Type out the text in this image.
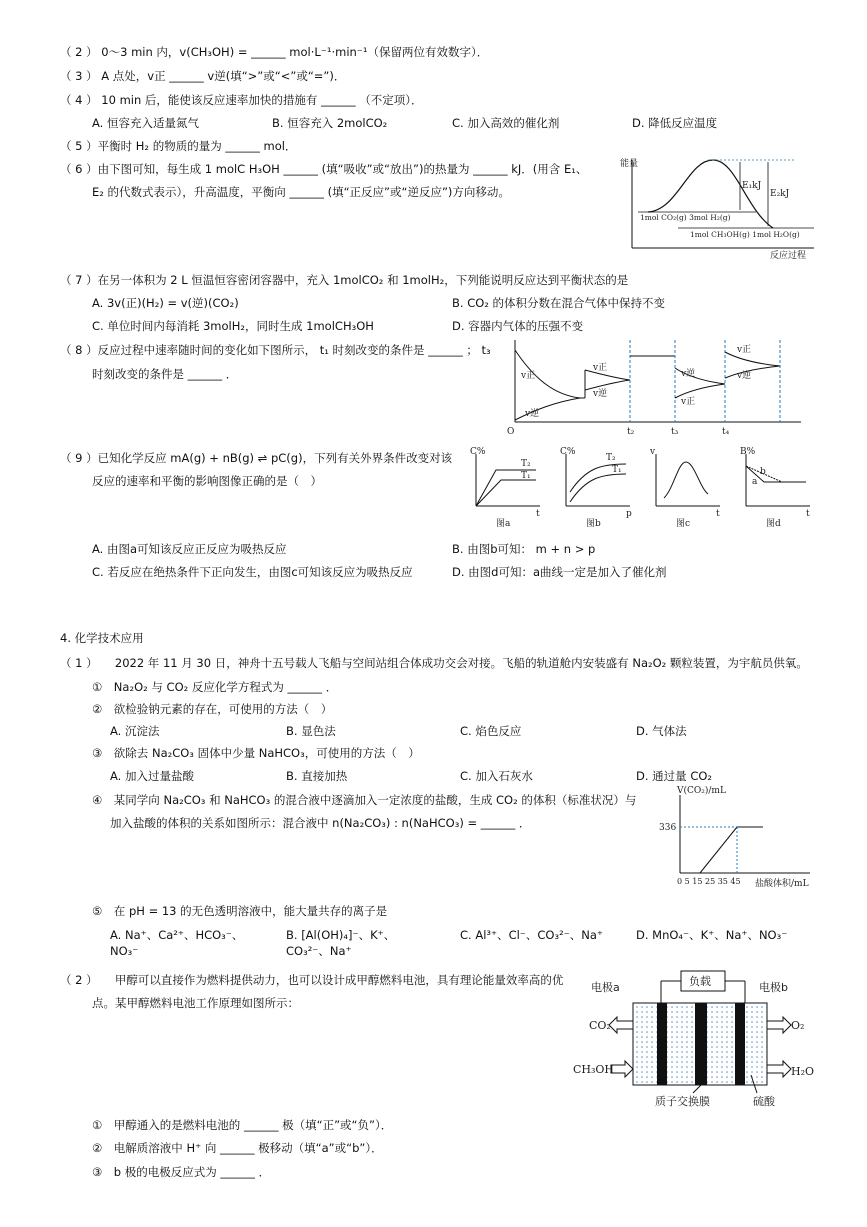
（ 2 ） 0～3 min 内，v(CH₃OH) = ______ mol·L⁻¹·min⁻¹（保留两位有效数字）．
（ 3 ） A 点处，v正 ______ v逆(填“>”或“<”或“=”)．
（ 4 ） 10 min 后，能使该反应速率加快的措施有 ______ （不定项）．
A. 恒容充入适量氮气	B. 恒容充入 2molCO₂	C. 加入高效的催化剂	D. 降低反应温度
（ 5 ）平衡时 H₂ 的物质的量为 ______ mol．
（ 6 ）由下图可知，每生成 1 molC H₃OH ______ (填“吸收”或“放出”)的热量为 ______ kJ．(用含 E₁、
E₂ 的代数式表示），升高温度，平衡向 ______ (填“正反应”或“逆反应”)方向移动。
能量
E₁kJ
E₂kJ
1mol CO₂(g) 3mol H₂(g)
1mol CH₃OH(g) 1mol H₂O(g)
反应过程
（ 7 ）在另一体积为 2 L 恒温恒容密闭容器中，充入 1molCO₂ 和 1molH₂，下列能说明反应达到平衡状态的是
A. 3v(正)(H₂) = v(逆)(CO₂)	B. CO₂ 的体积分数在混合气体中保持不变
C. 单位时间内每消耗 3molH₂，同时生成 1molCH₃OH	D. 容器内气体的压强不变
（ 8 ）反应过程中速率随时间的变化如下图所示， t₁ 时刻改变的条件是 ______ ； t₃
时刻改变的条件是 ______ ．	v正
v逆
v正
v逆
v逆
v正
v正
v逆
O	t₂	t₃	t₄
（ 9 ）已知化学反应 mA(g) + nB(g) ⇌ pC(g)，下列有关外界条件改变对该
反应的速率和平衡的影响图像正确的是（　）
C%
t
T₂
T₁
图a
C%
p
T₂
T₁
图b
v
t
图c
B%
t
b
a
图d
A. 由图a可知该反应正反应为吸热反应	B. 由图b可知： m + n > p
C. 若反应在绝热条件下正向发生，由图c可知该反应为吸热反应	D. 由图d可知：a曲线一定是加入了催化剂
4. 化学技术应用
（ 1 ）　　2022 年 11 月 30 日，神舟十五号载人飞船与空间站组合体成功交会对接。飞船的轨道舱内安装盛有 Na₂O₂ 颗粒装置，为宇航员供氧。
①　Na₂O₂ 与 CO₂ 反应化学方程式为 ______ ．
②　欲检验钠元素的存在，可使用的方法（　）
A. 沉淀法	B. 显色法	C. 焰色反应	D. 气体法
③　欲除去 Na₂CO₃ 固体中少量 NaHCO₃，可使用的方法（　）
A. 加入过量盐酸	B. 直接加热	C. 加入石灰水	D. 通过量 CO₂
④　某同学向 Na₂CO₃ 和 NaHCO₃ 的混合液中逐滴加入一定浓度的盐酸，生成 CO₂ 的体积（标准状况）与
加入盐酸的体积的关系如图所示：混合液中 n(Na₂CO₃) : n(NaHCO₃) = ______ ．
V(CO₂)/mL
336
0 5 15 25 35 45 盐酸体积/mL
⑤　在 pH = 13 的无色透明溶液中，能大量共存的离子是
A. Na⁺、Ca²⁺、HCO₃⁻、NO₃⁻
B. [Al(OH)₄]⁻、K⁺、CO₃²⁻、Na⁺
C. Al³⁺、Cl⁻、CO₃²⁻、Na⁺	D. MnO₄⁻、K⁺、Na⁺、NO₃⁻
（ 2 ）　　甲醇可以直接作为燃料提供动力，也可以设计成甲醇燃料电池，具有理论能量效率高的优
点。某甲醇燃料电池工作原理如图所示：
负载
电极a	电极b
CO₂	O₂
CH₃OH	H₂O
质子交换膜	硫酸
①　甲醇通入的是燃料电池的 ______ 极（填“正”或“负”）．
②　电解质溶液中 H⁺ 向 ______ 极移动（填“a”或“b”）．
③　b 极的电极反应式为 ______ ．
